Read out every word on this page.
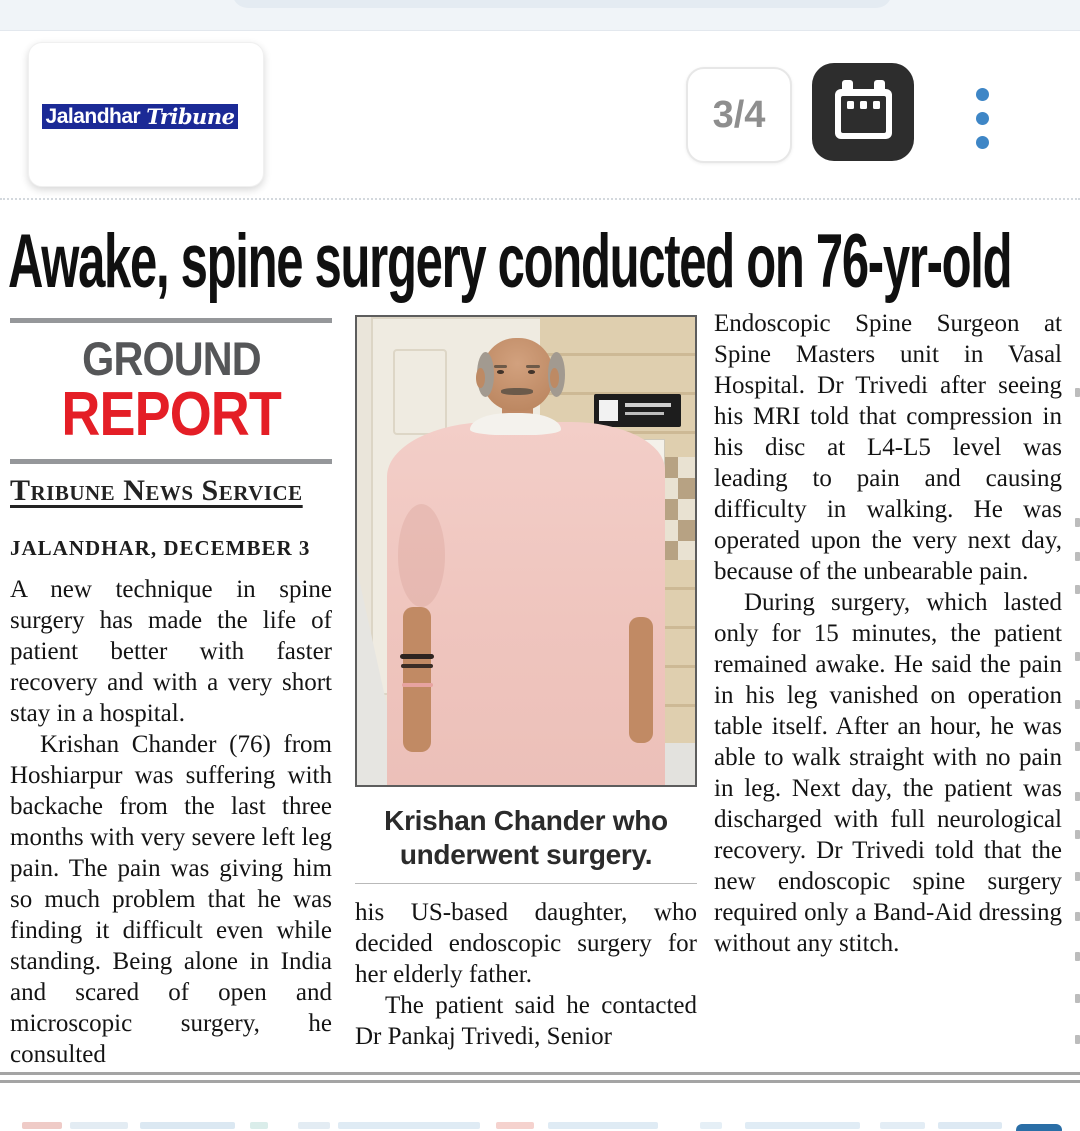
Jalandhar Tribune	3/4
Awake, spine surgery conducted on 76-yr-old
GROUND
REPORT
Tribune News Service
JALANDHAR, DECEMBER 3
A new technique in spine surgery has made the life of patient better with faster recovery and with a very short stay in a hospital.
Krishan Chander (76) from Hoshiarpur was suffering with backache from the last three months with very severe left leg pain. The pain was giving him so much problem that he was finding it difficult even while standing. Being alone in India and scared of open and microscopic surgery, he consulted
Krishan Chander who underwent surgery.
his US-based daughter, who decided endoscopic surgery for her elderly father.
The patient said he contacted Dr Pankaj Trivedi, Senior
Endoscopic Spine Surgeon at Spine Masters unit in Vasal Hospital. Dr Trivedi after seeing his MRI told that compression in his disc at L4-L5 level was leading to pain and causing difficulty in walking. He was operated upon the very next day, because of the unbearable pain.
During surgery, which lasted only for 15 minutes, the patient remained awake. He said the pain in his leg vanished on operation table itself. After an hour, he was able to walk straight with no pain in leg. Next day, the patient was discharged with full neurological recovery. Dr Trivedi told that the new endoscopic spine surgery required only a Band-Aid dressing without any stitch.
